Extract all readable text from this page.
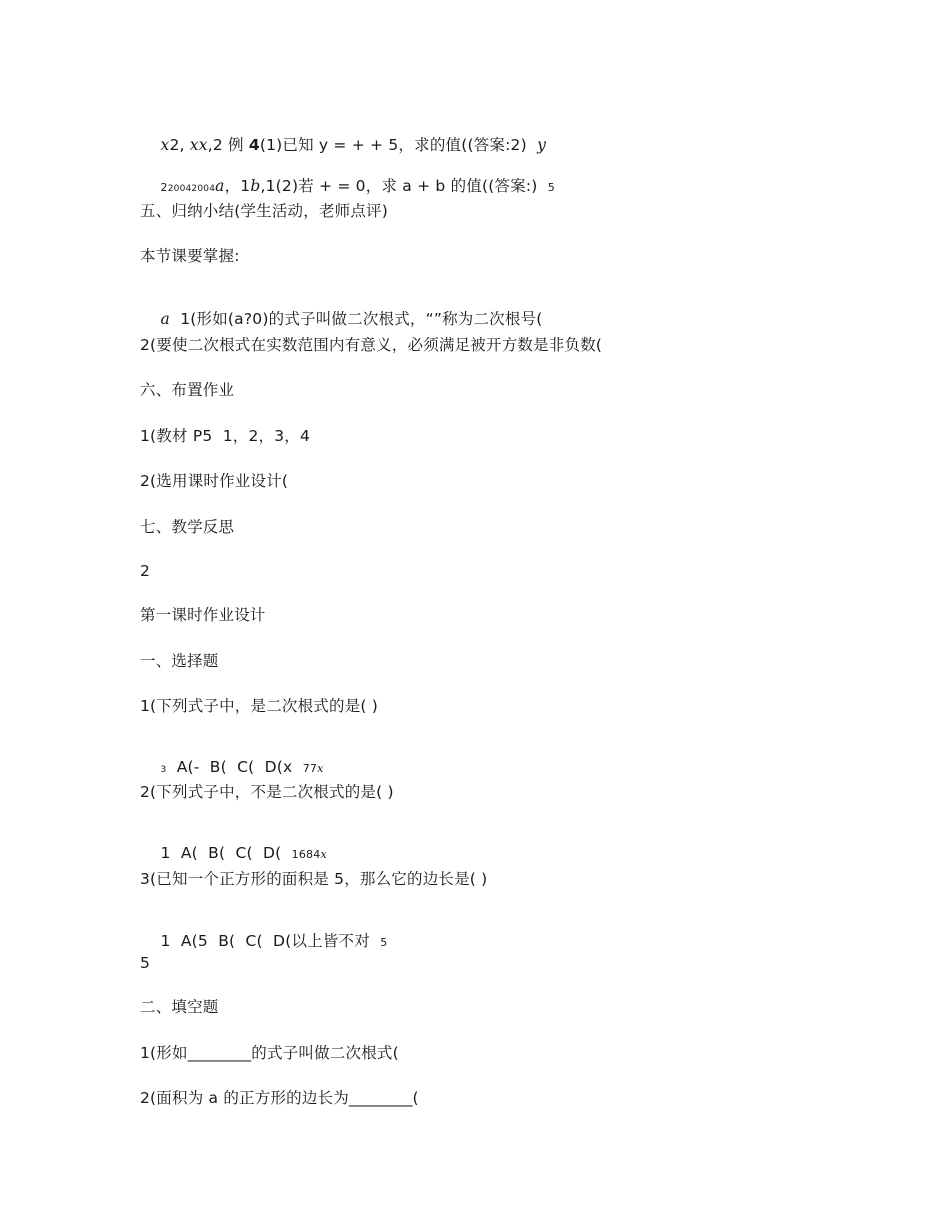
x2, xx,2 例 4(1)已知 y = + + 5，求的值((答案:2)  y

220042004a，1b,1(2)若 + = 0，求 a + b 的值((答案:)  5

五、归纳小结(学生活动，老师点评)
本节课要掌握:

a  1(形如(a?0)的式子叫做二次根式，“”称为二次根号(

2(要使二次根式在实数范围内有意义，必须满足被开方数是非负数(
六、布置作业
1(教材 P5  1，2，3，4
2(选用课时作业设计(
七、教学反思
2
第一课时作业设计
一、选择题
1(下列式子中，是二次根式的是( )

3  A(-  B(  C(  D(x  77x

2(下列式子中，不是二次根式的是( )

1  A(  B(  C(  D(  1684x

3(已知一个正方形的面积是 5，那么它的边长是( )

1  A(5  B(  C(  D(以上皆不对  5

5
二、填空题
1(形如________的式子叫做二次根式(
2(面积为 a 的正方形的边长为________(
